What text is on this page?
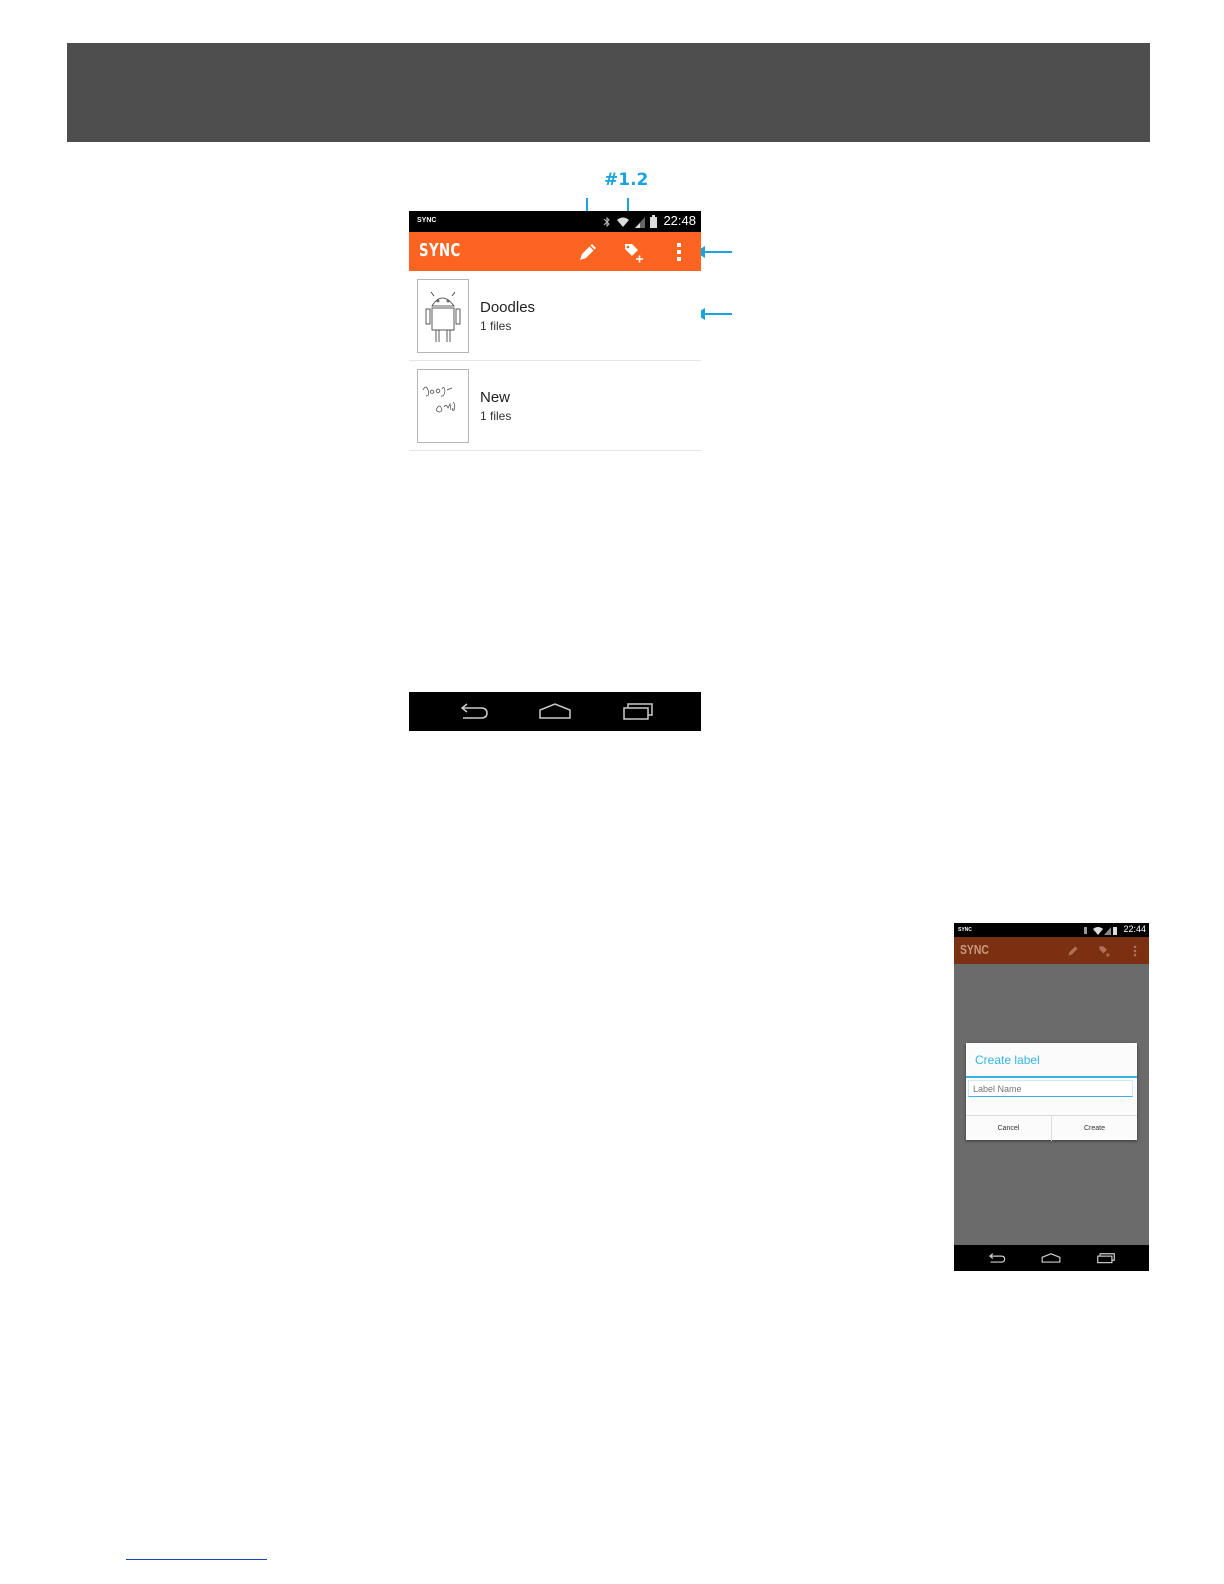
#1.2
SYNC	22:48
SYNC
Doodles
1 files
New
1 files
SYNC	22:44
SYNC
Create label
Label Name
Cancel	Create
